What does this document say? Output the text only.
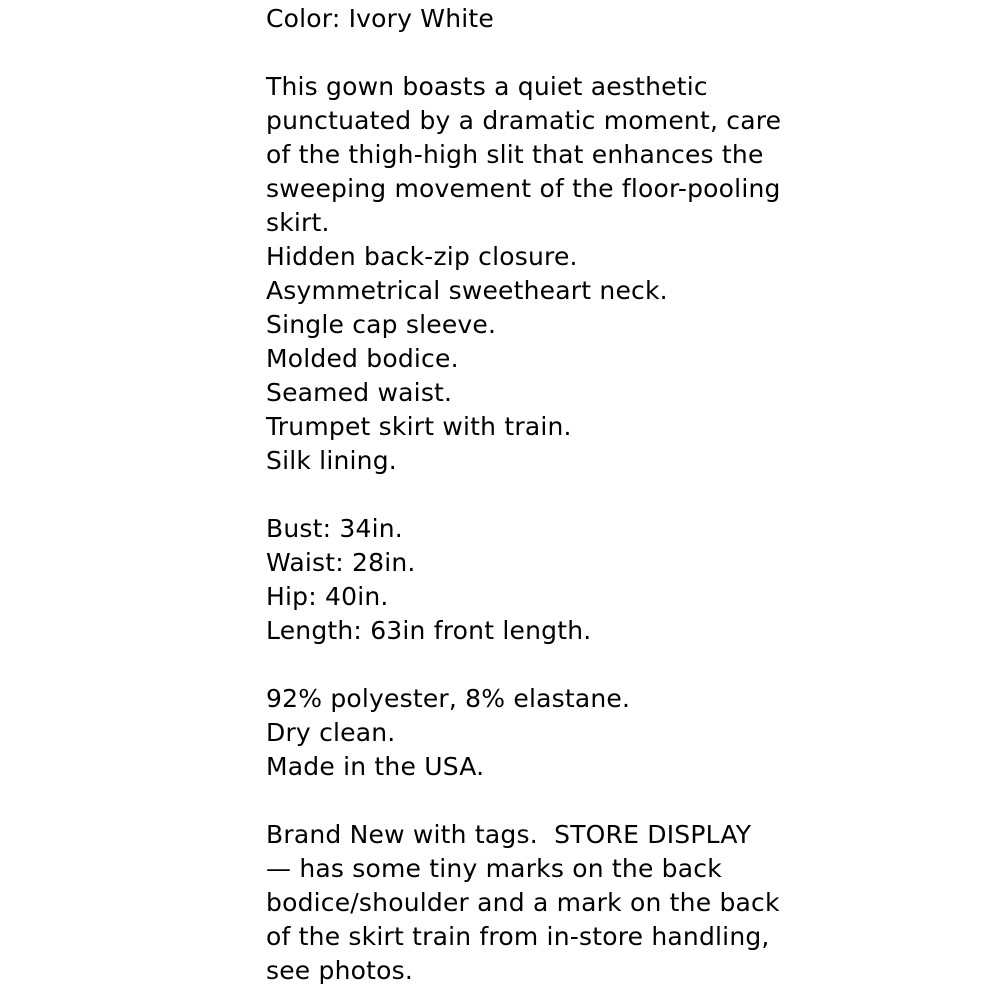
Color: Ivory White
This gown boasts a quiet aesthetic
punctuated by a dramatic moment, care
of the thigh-high slit that enhances the
sweeping movement of the floor-pooling
skirt.
Hidden back-zip closure.
Asymmetrical sweetheart neck.
Single cap sleeve.
Molded bodice.
Seamed waist.
Trumpet skirt with train.
Silk lining.
Bust: 34in.
Waist: 28in.
Hip: 40in.
Length: 63in front length.
92% polyester, 8% elastane.
Dry clean.
Made in the USA.
Brand New with tags.  STORE DISPLAY
— has some tiny marks on the back
bodice/shoulder and a mark on the back
of the skirt train from in-store handling,
see photos.
